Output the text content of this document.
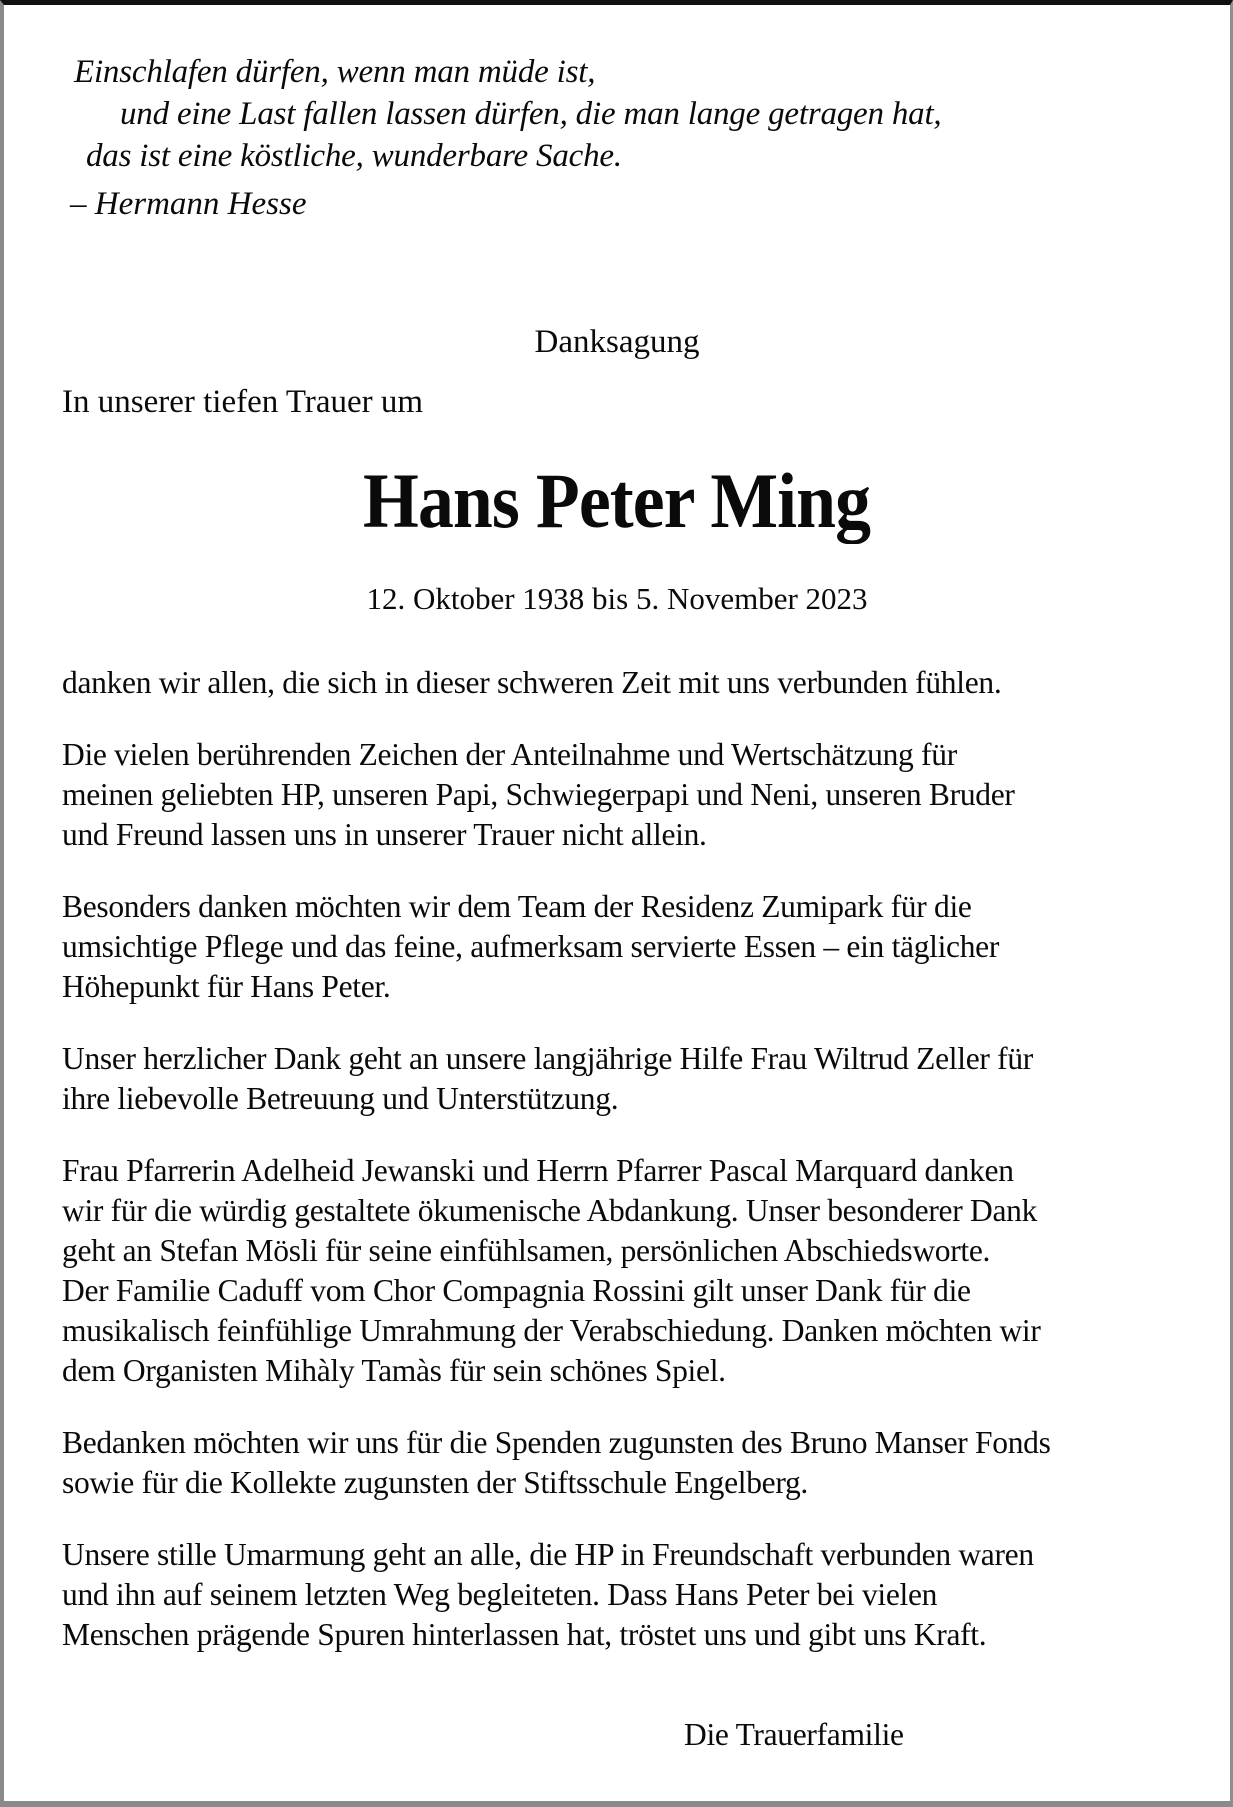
Einschlafen dürfen, wenn man müde ist,
und eine Last fallen lassen dürfen, die man lange getragen hat,
das ist eine köstliche, wunderbare Sache.
– Hermann Hesse
Danksagung
In unserer tiefen Trauer um
Hans Peter Ming
12. Oktober 1938 bis 5. November 2023
danken wir allen, die sich in dieser schweren Zeit mit uns verbunden fühlen.
Die vielen berührenden Zeichen der Anteilnahme und Wertschätzung für
meinen geliebten HP, unseren Papi, Schwiegerpapi und Neni, unseren Bruder
und Freund lassen uns in unserer Trauer nicht allein.
Besonders danken möchten wir dem Team der Residenz Zumipark für die
umsichtige Pflege und das feine, aufmerksam servierte Essen – ein täglicher
Höhepunkt für Hans Peter.
Unser herzlicher Dank geht an unsere langjährige Hilfe Frau Wiltrud Zeller für
ihre liebevolle Betreuung und Unterstützung.
Frau Pfarrerin Adelheid Jewanski und Herrn Pfarrer Pascal Marquard danken
wir für die würdig gestaltete ökumenische Abdankung. Unser besonderer Dank
geht an Stefan Mösli für seine einfühlsamen, persönlichen Abschiedsworte.
Der Familie Caduff vom Chor Compagnia Rossini gilt unser Dank für die
musikalisch feinfühlige Umrahmung der Verabschiedung. Danken möchten wir
dem Organisten Mihàly Tamàs für sein schönes Spiel.
Bedanken möchten wir uns für die Spenden zugunsten des Bruno Manser Fonds
sowie für die Kollekte zugunsten der Stiftsschule Engelberg.
Unsere stille Umarmung geht an alle, die HP in Freundschaft verbunden waren
und ihn auf seinem letzten Weg begleiteten. Dass Hans Peter bei vielen
Menschen prägende Spuren hinterlassen hat, tröstet uns und gibt uns Kraft.
Die Trauerfamilie
